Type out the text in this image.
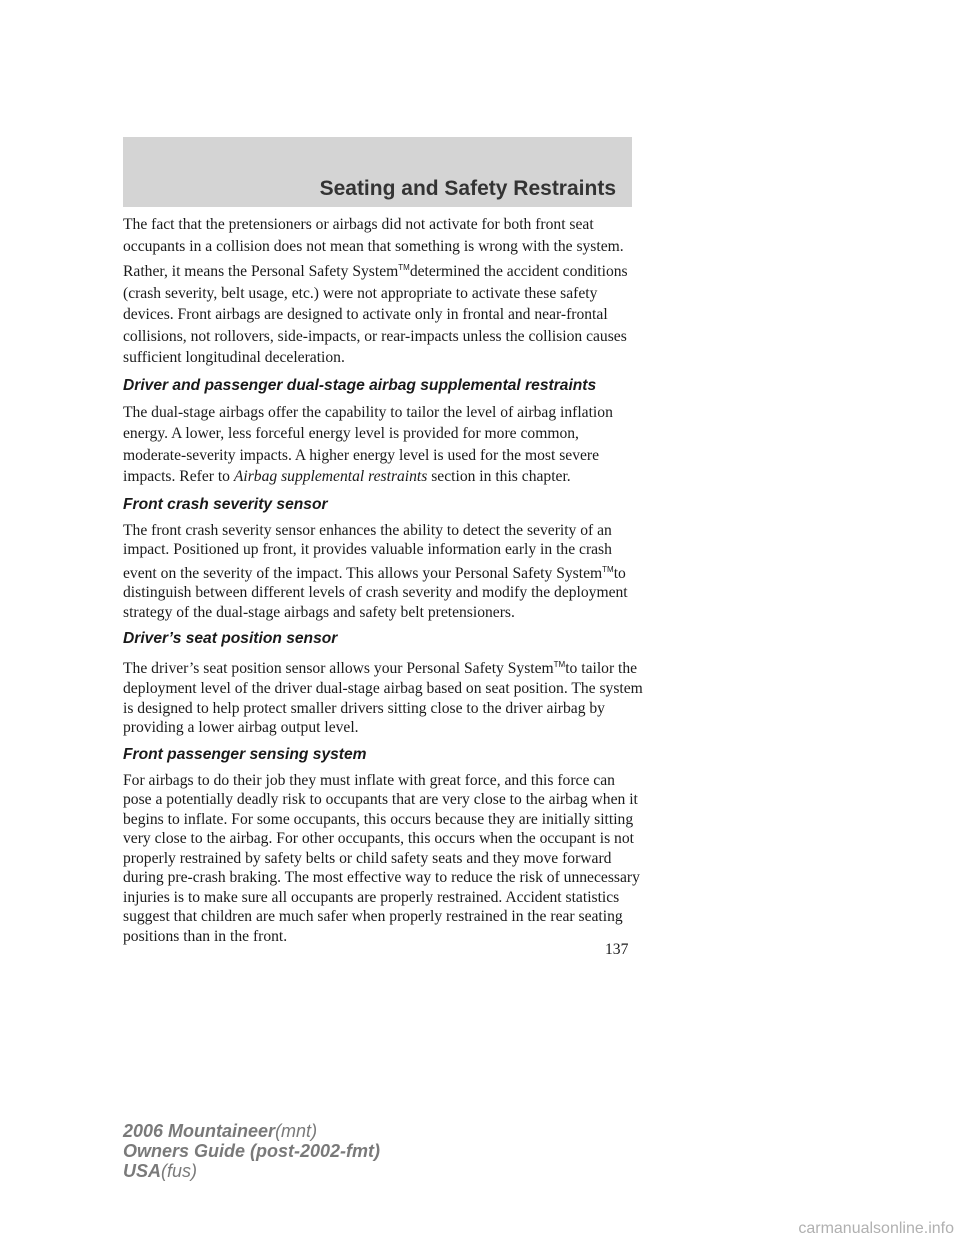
Seating and Safety Restraints

The fact that the pretensioners or airbags did not activate for both front seat occupants in a collision does not mean that something is wrong with the system. Rather, it means the Personal Safety System™determined the accident conditions (crash severity, belt usage, etc.) were not appropriate to activate these safety devices. Front airbags are designed to activate only in frontal and near-frontal collisions, not rollovers, side-impacts, or rear-impacts unless the collision causes sufficient longitudinal deceleration.

Driver and passenger dual-stage airbag supplemental restraints

The dual-stage airbags offer the capability to tailor the level of airbag inflation energy. A lower, less forceful energy level is provided for more common, moderate-severity impacts. A higher energy level is used for the most severe impacts. Refer to Airbag supplemental restraints section in this chapter.

Front crash severity sensor

The front crash severity sensor enhances the ability to detect the severity of an impact. Positioned up front, it provides valuable information early in the crash event on the severity of the impact. This allows your Personal Safety System™to distinguish between different levels of crash severity and modify the deployment strategy of the dual-stage airbags and safety belt pretensioners.

Driver’s seat position sensor

The driver’s seat position sensor allows your Personal Safety System™to tailor the deployment level of the driver dual-stage airbag based on seat position. The system is designed to help protect smaller drivers sitting close to the driver airbag by providing a lower airbag output level.

Front passenger sensing system

For airbags to do their job they must inflate with great force, and this force can pose a potentially deadly risk to occupants that are very close to the airbag when it begins to inflate. For some occupants, this occurs because they are initially sitting very close to the airbag. For other occupants, this occurs when the occupant is not properly restrained by safety belts or child safety seats and they move forward during pre-crash braking. The most effective way to reduce the risk of unnecessary injuries is to make sure all occupants are properly restrained. Accident statistics suggest that children are much safer when properly restrained in the rear seating positions than in the front.

137
2006 Mountaineer(mnt)
Owners Guide (post-2002-fmt)
USA(fus)
carmanualsonline.info
